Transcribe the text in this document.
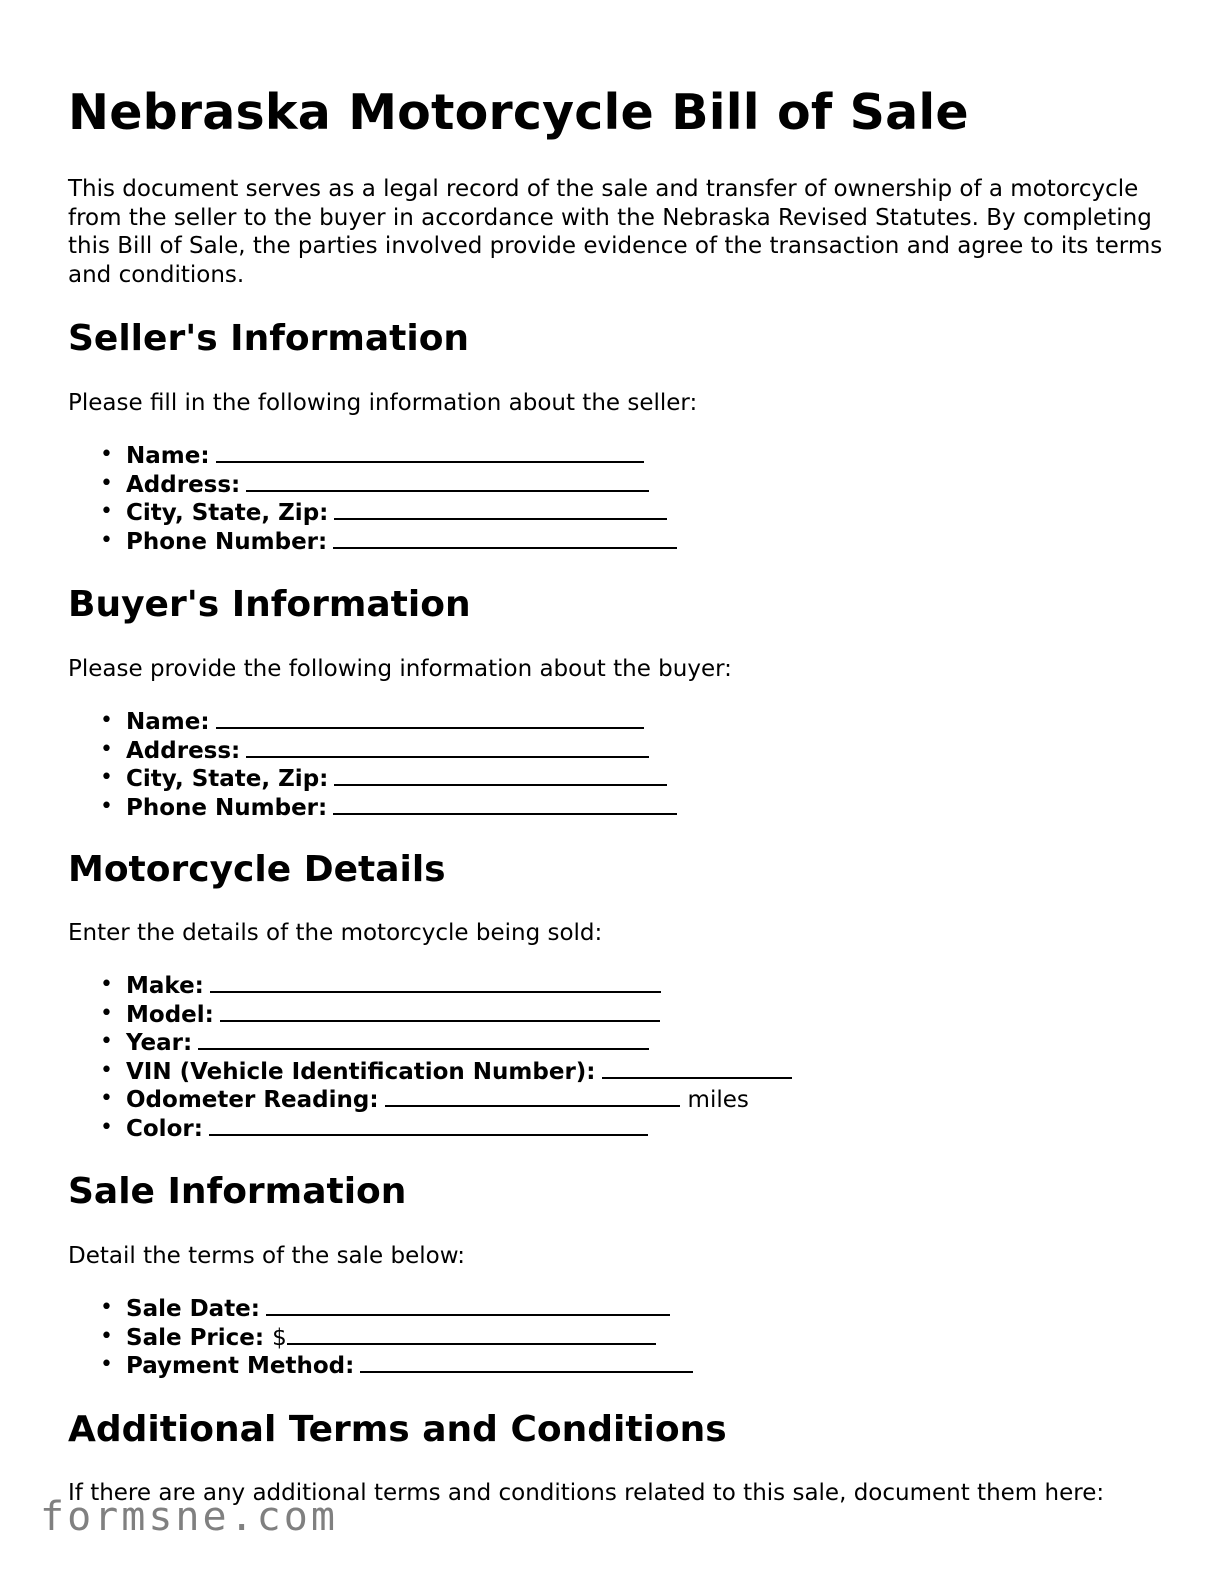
Nebraska Motorcycle Bill of Sale

This document serves as a legal record of the sale and transfer of ownership of a motorcycle from the seller to the buyer in accordance with the Nebraska Revised Statutes. By completing this Bill of Sale, the parties involved provide evidence of the transaction and agree to its terms and conditions.

Seller's Information

Please fill in the following information about the seller:

• Name:
• Address:
• City, State, Zip:
• Phone Number:
Buyer's Information

Please provide the following information about the buyer:

• Name:
• Address:
• City, State, Zip:
• Phone Number:
Motorcycle Details

Enter the details of the motorcycle being sold:

• Make:
• Model:
• Year:
• VIN (Vehicle Identification Number):
• Odometer Reading:	miles
• Color:
Sale Information

Detail the terms of the sale below:

• Sale Date:
• Sale Price: $
• Payment Method:
Additional Terms and Conditions

If there are any additional terms and conditions related to this sale, document them here:

formsne.com
